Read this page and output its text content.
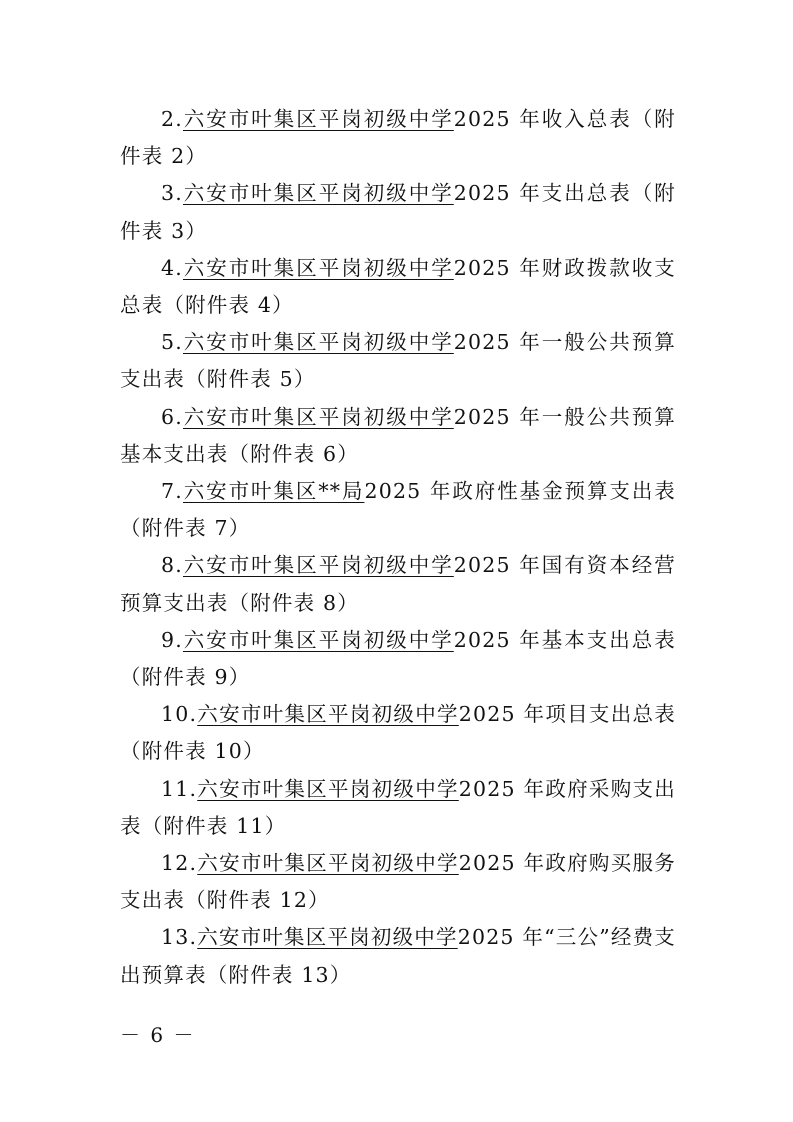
2.六安市叶集区平岗初级中学2025 年收入总表（附件表 2）

3.六安市叶集区平岗初级中学2025 年支出总表（附件表 3）

4.六安市叶集区平岗初级中学2025 年财政拨款收支总表（附件表 4）

5.六安市叶集区平岗初级中学2025 年一般公共预算支出表（附件表 5）

6.六安市叶集区平岗初级中学2025 年一般公共预算基本支出表（附件表 6）

7.六安市叶集区**局2025 年政府性基金预算支出表（附件表 7）

8.六安市叶集区平岗初级中学2025 年国有资本经营预算支出表（附件表 8）

9.六安市叶集区平岗初级中学2025 年基本支出总表（附件表 9）

10.六安市叶集区平岗初级中学2025 年项目支出总表（附件表 10）

11.六安市叶集区平岗初级中学2025 年政府采购支出表（附件表 11）

12.六安市叶集区平岗初级中学2025 年政府购买服务支出表（附件表 12）

13.六安市叶集区平岗初级中学2025 年“三公”经费支出预算表（附件表 13）

－ 6 －
